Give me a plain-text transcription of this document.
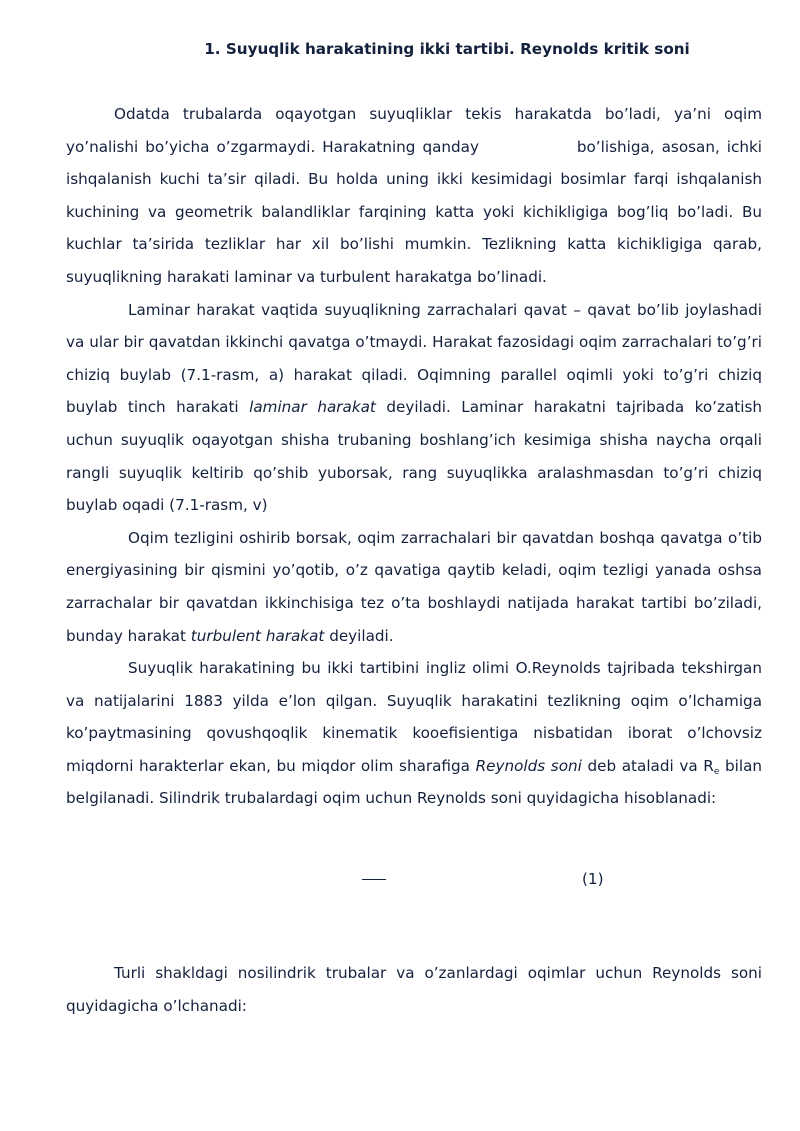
1. Suyuqlik harakatining ikki tartibi. Reynolds kritik soni

Odatda trubalarda oqayotgan suyuqliklar tekis harakatda bo’ladi, ya’ni oqim yo’nalishi bo’yicha o’zgarmaydi. Harakatning qanday              bo’lishiga, asosan, ichki ishqalanish kuchi ta’sir qiladi. Bu holda uning ikki kesimidagi bosimlar farqi ishqalanish kuchining va geometrik balandliklar farqining katta yoki kichikligiga bog’liq bo’ladi. Bu kuchlar ta’sirida tezliklar har xil bo’lishi mumkin. Tezlikning katta kichikligiga qarab, suyuqlikning harakati laminar va turbulent harakatga bo’linadi.

Laminar harakat vaqtida suyuqlikning zarrachalari qavat – qavat bo’lib joylashadi va ular bir qavatdan ikkinchi qavatga o’tmaydi. Harakat fazosidagi oqim zarrachalari to’g’ri chiziq buylab (7.1-rasm, a) harakat qiladi. Oqimning parallel oqimli yoki to’g’ri chiziq buylab tinch harakati laminar harakat deyiladi. Laminar harakatni tajribada ko’zatish uchun suyuqlik oqayotgan shisha trubaning boshlang’ich kesimiga shisha naycha orqali rangli suyuqlik keltirib qo’shib yuborsak, rang suyuqlikka aralashmasdan to’g’ri chiziq buylab oqadi (7.1-rasm, v)

Oqim tezligini oshirib borsak, oqim zarrachalari bir qavatdan boshqa qavatga o’tib energiyasining bir qismini yo’qotib, o’z qavatiga qaytib keladi, oqim tezligi yanada oshsa zarrachalar bir qavatdan ikkinchisiga tez o’ta boshlaydi natijada harakat tartibi bo’ziladi, bunday harakat turbulent harakat deyiladi.

Suyuqlik harakatining bu ikki tartibini ingliz olimi O.Reynolds tajribada tekshirgan va natijalarini 1883 yilda e’lon qilgan. Suyuqlik harakatini tezlikning oqim o’lchamiga ko’paytmasining qovushqoqlik kinematik kooefisientiga nisbatidan iborat o’lchovsiz miqdorni harakterlar ekan, bu miqdor olim sharafiga Reynolds soni deb ataladi va $R_e$ bilan belgilanadi. Silindrik trubalardagi oqim uchun Reynolds soni quyidagicha hisoblanadi:

(1)

Turli shakldagi nosilindrik trubalar va o’zanlardagi oqimlar uchun Reynolds soni quyidagicha o’lchanadi:
